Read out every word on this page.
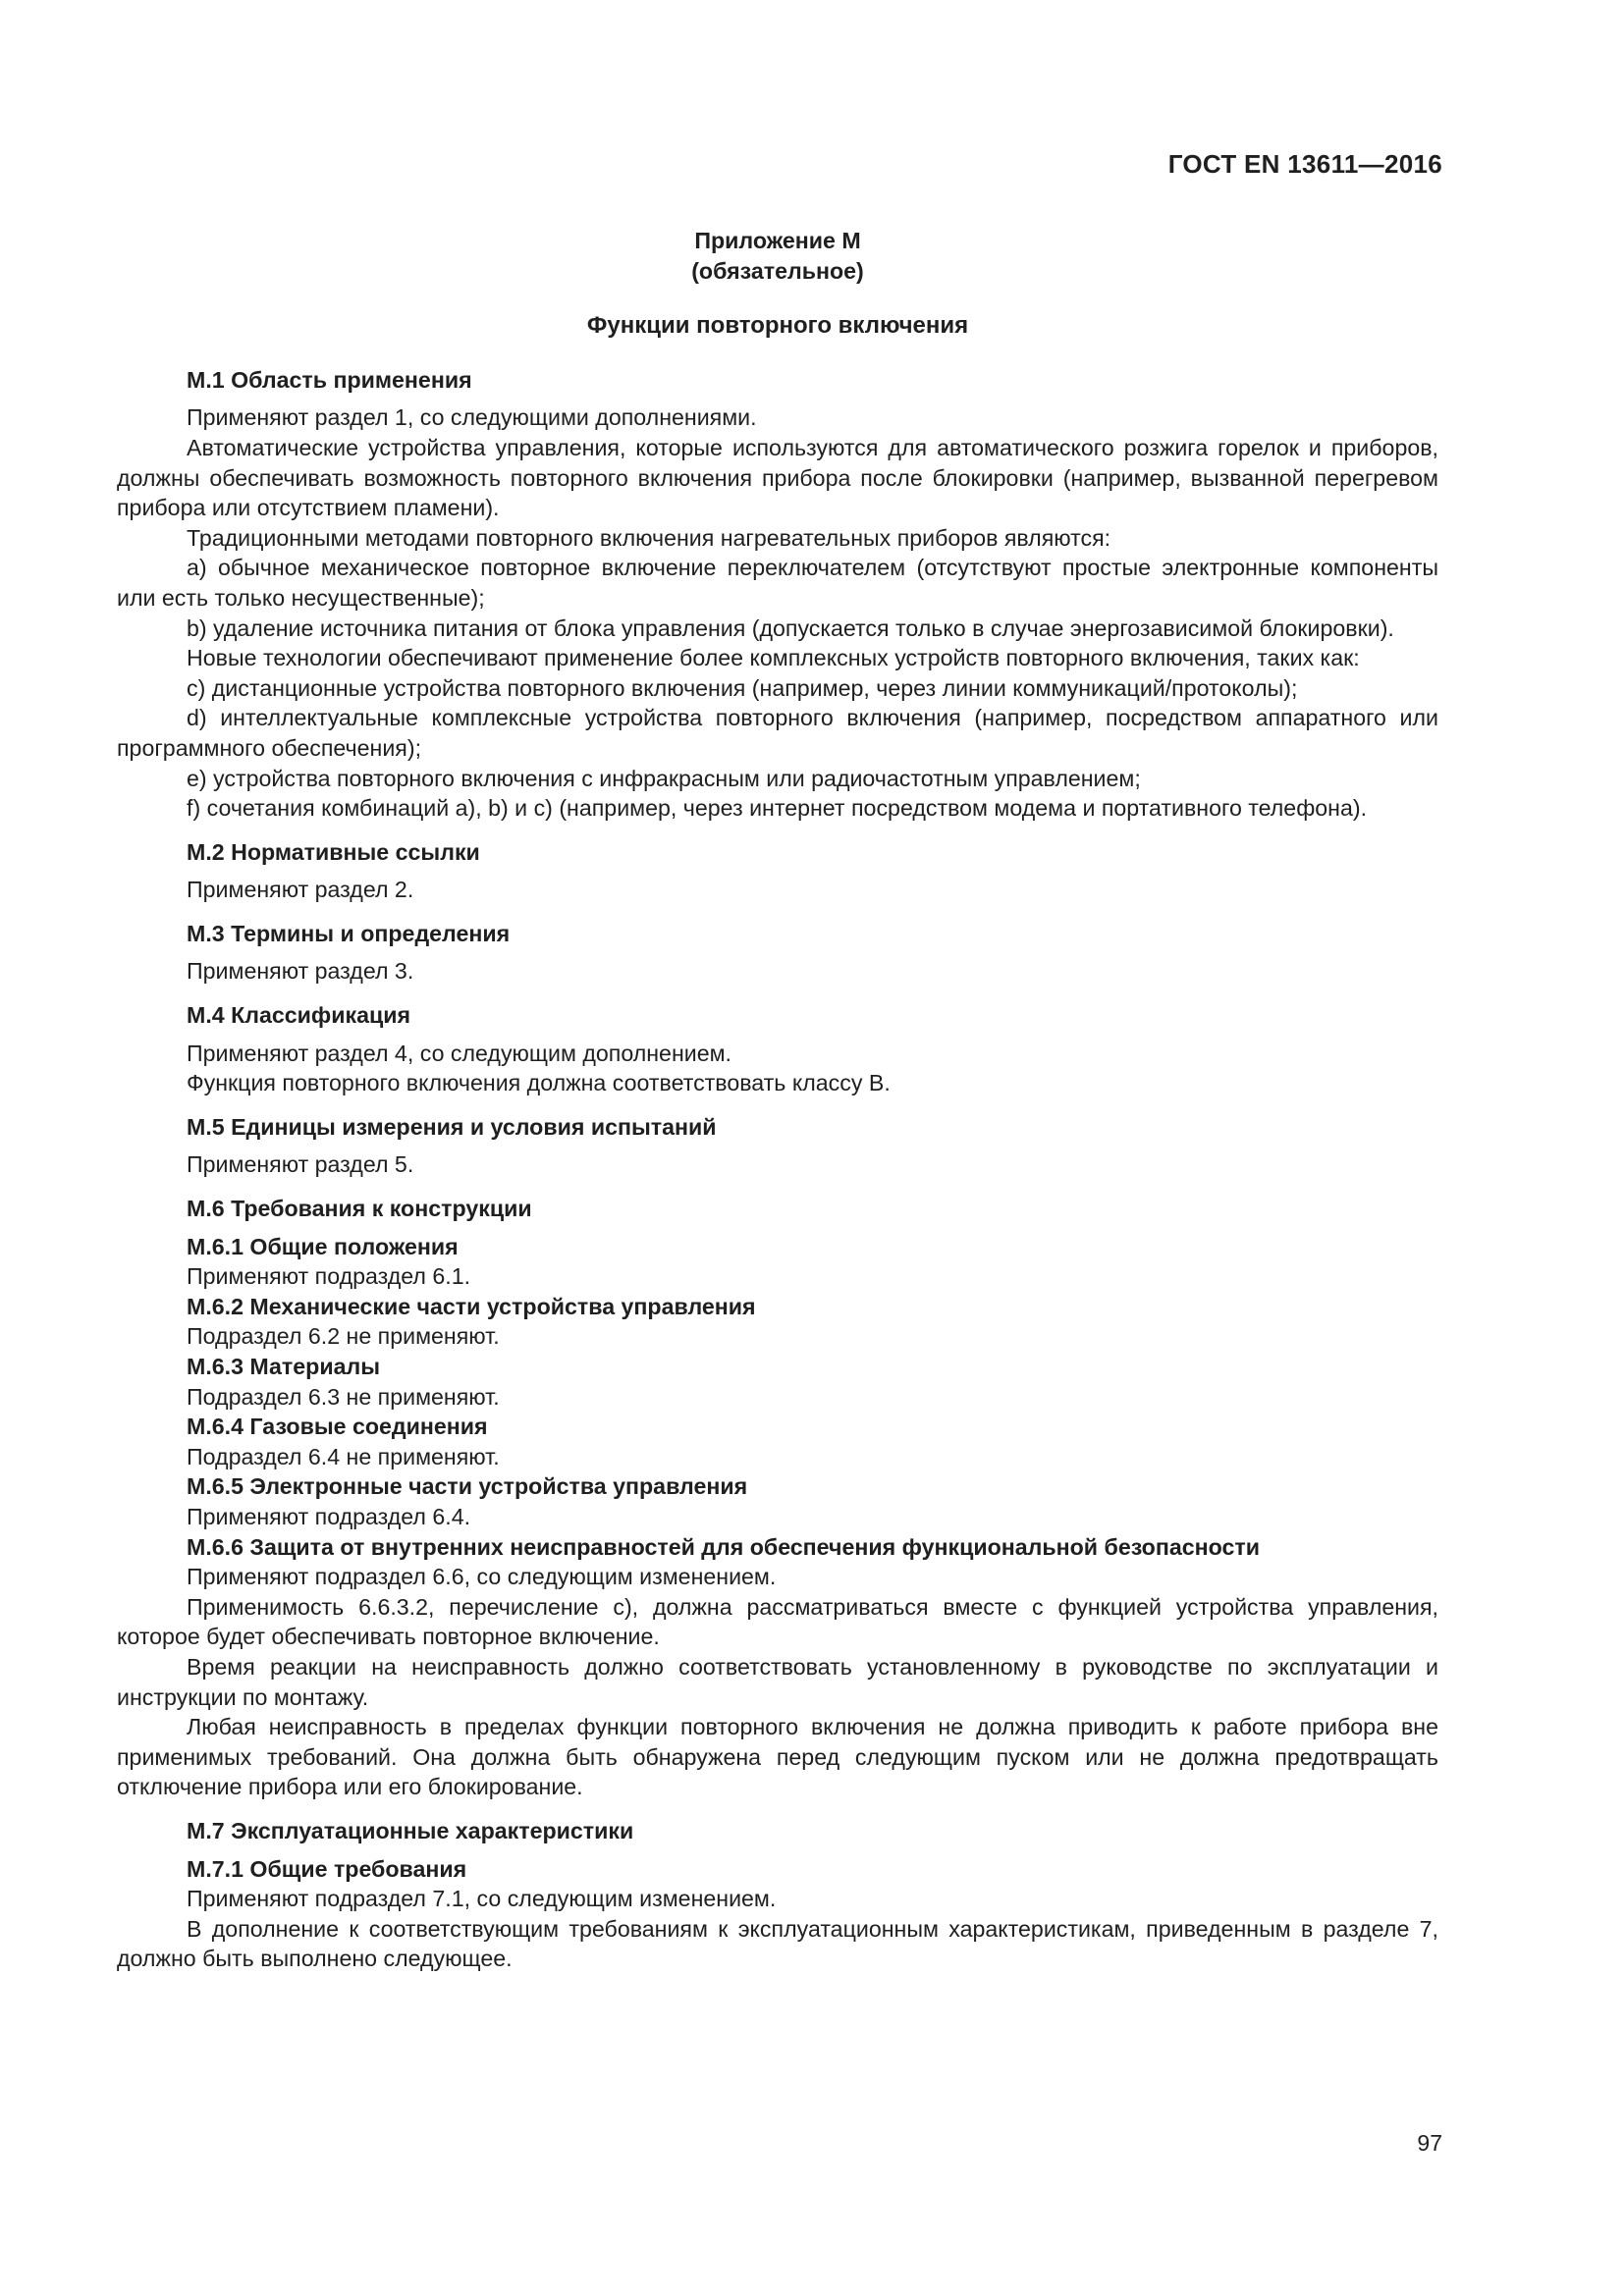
ГОСТ EN 13611—2016

Приложение М

(обязательное)

Функции повторного включения

М.1 Область применения

Применяют раздел 1, со следующими дополнениями.

Автоматические устройства управления, которые используются для автоматического розжига горелок и приборов, должны обеспечивать возможность повторного включения прибора после блокировки (например, вызванной перегревом прибора или отсутствием пламени).

Традиционными методами повторного включения нагревательных приборов являются:

a) обычное механическое повторное включение переключателем (отсутствуют простые электронные компоненты или есть только несущественные);

b) удаление источника питания от блока управления (допускается только в случае энергозависимой блокировки).

Новые технологии обеспечивают применение более комплексных устройств повторного включения, таких как:

c) дистанционные устройства повторного включения (например, через линии коммуникаций/протоколы);

d) интеллектуальные комплексные устройства повторного включения (например, посредством аппаратного или программного обеспечения);

e) устройства повторного включения с инфракрасным или радиочастотным управлением;

f) сочетания комбинаций a), b) и c) (например, через интернет посредством модема и портативного телефона).

М.2 Нормативные ссылки

Применяют раздел 2.

М.3 Термины и определения

Применяют раздел 3.

М.4 Классификация

Применяют раздел 4, со следующим дополнением.

Функция повторного включения должна соответствовать классу В.

М.5 Единицы измерения и условия испытаний

Применяют раздел 5.

М.6 Требования к конструкции

М.6.1 Общие положения

Применяют подраздел 6.1.

М.6.2 Механические части устройства управления

Подраздел 6.2 не применяют.

М.6.3 Материалы

Подраздел 6.3 не применяют.

М.6.4 Газовые соединения

Подраздел 6.4 не применяют.

М.6.5 Электронные части устройства управления

Применяют подраздел 6.4.

М.6.6 Защита от внутренних неисправностей для обеспечения функциональной безопасности

Применяют подраздел 6.6, со следующим изменением.

Применимость 6.6.3.2, перечисление c), должна рассматриваться вместе с функцией устройства управления, которое будет обеспечивать повторное включение.

Время реакции на неисправность должно соответствовать установленному в руководстве по эксплуатации и инструкции по монтажу.

Любая неисправность в пределах функции повторного включения не должна приводить к работе прибора вне применимых требований. Она должна быть обнаружена перед следующим пуском или не должна предотвращать отключение прибора или его блокирование.

М.7 Эксплуатационные характеристики

М.7.1 Общие требования

Применяют подраздел 7.1, со следующим изменением.

В дополнение к соответствующим требованиям к эксплуатационным характеристикам, приведенным в разделе 7, должно быть выполнено следующее.

97
